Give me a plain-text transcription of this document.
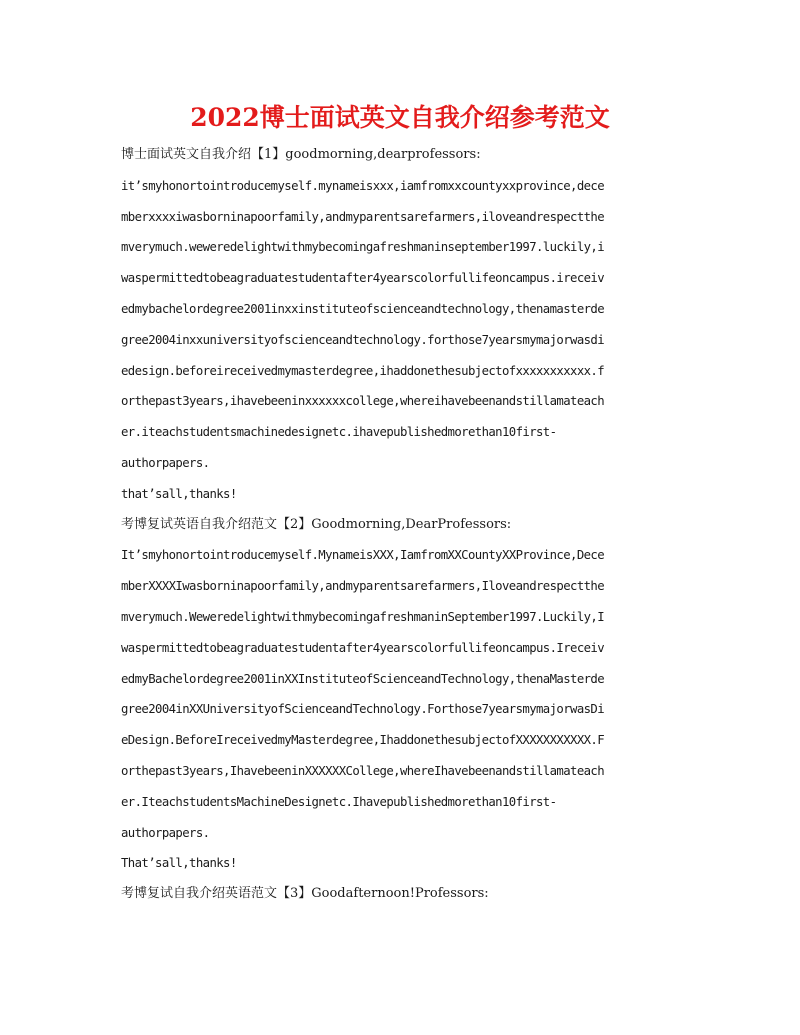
2022博士面试英文自我介绍参考范文
博士面试英文自我介绍【1】goodmorning,dearprofessors:
it’smyhonortointroducemyself.mynameisxxx,iamfromxxcountyxxprovince,dece
mberxxxxiwasborninapoorfamily,andmyparentsarefarmers,iloveandrespectthe
mverymuch.weweredelightwithmybecomingafreshmaninseptember1997.luckily,i
waspermittedtobeagraduatestudentafter4yearscolorfullifeoncampus.ireceiv
edmybachelordegree2001inxxinstituteofscienceandtechnology,thenamasterde
gree2004inxxuniversityofscienceandtechnology.forthose7yearsmymajorwasdi
edesign.beforeireceivedmymasterdegree,ihaddonethesubjectofxxxxxxxxxxx.f
orthepast3years,ihavebeeninxxxxxxcollege,whereihavebeenandstillamateach
er.iteachstudentsmachinedesignetc.ihavepublishedmorethan10first-
authorpapers.
that’sall,thanks!
考博复试英语自我介绍范文【2】Goodmorning,DearProfessors:
It’smyhonortointroducemyself.MynameisXXX,IamfromXXCountyXXProvince,Dece
mberXXXXIwasborninapoorfamily,andmyparentsarefarmers,Iloveandrespectthe
mverymuch.WeweredelightwithmybecomingafreshmaninSeptember1997.Luckily,I
waspermittedtobeagraduatestudentafter4yearscolorfullifeoncampus.Ireceiv
edmyBachelordegree2001inXXInstituteofScienceandTechnology,thenaMasterde
gree2004inXXUniversityofScienceandTechnology.Forthose7yearsmymajorwasDi
eDesign.BeforeIreceivedmyMasterdegree,IhaddonethesubjectofXXXXXXXXXXX.F
orthepast3years,IhavebeeninXXXXXXCollege,whereIhavebeenandstillamateach
er.IteachstudentsMachineDesignetc.Ihavepublishedmorethan10first-
authorpapers.
That’sall,thanks!
考博复试自我介绍英语范文【3】Goodafternoon!Professors:
